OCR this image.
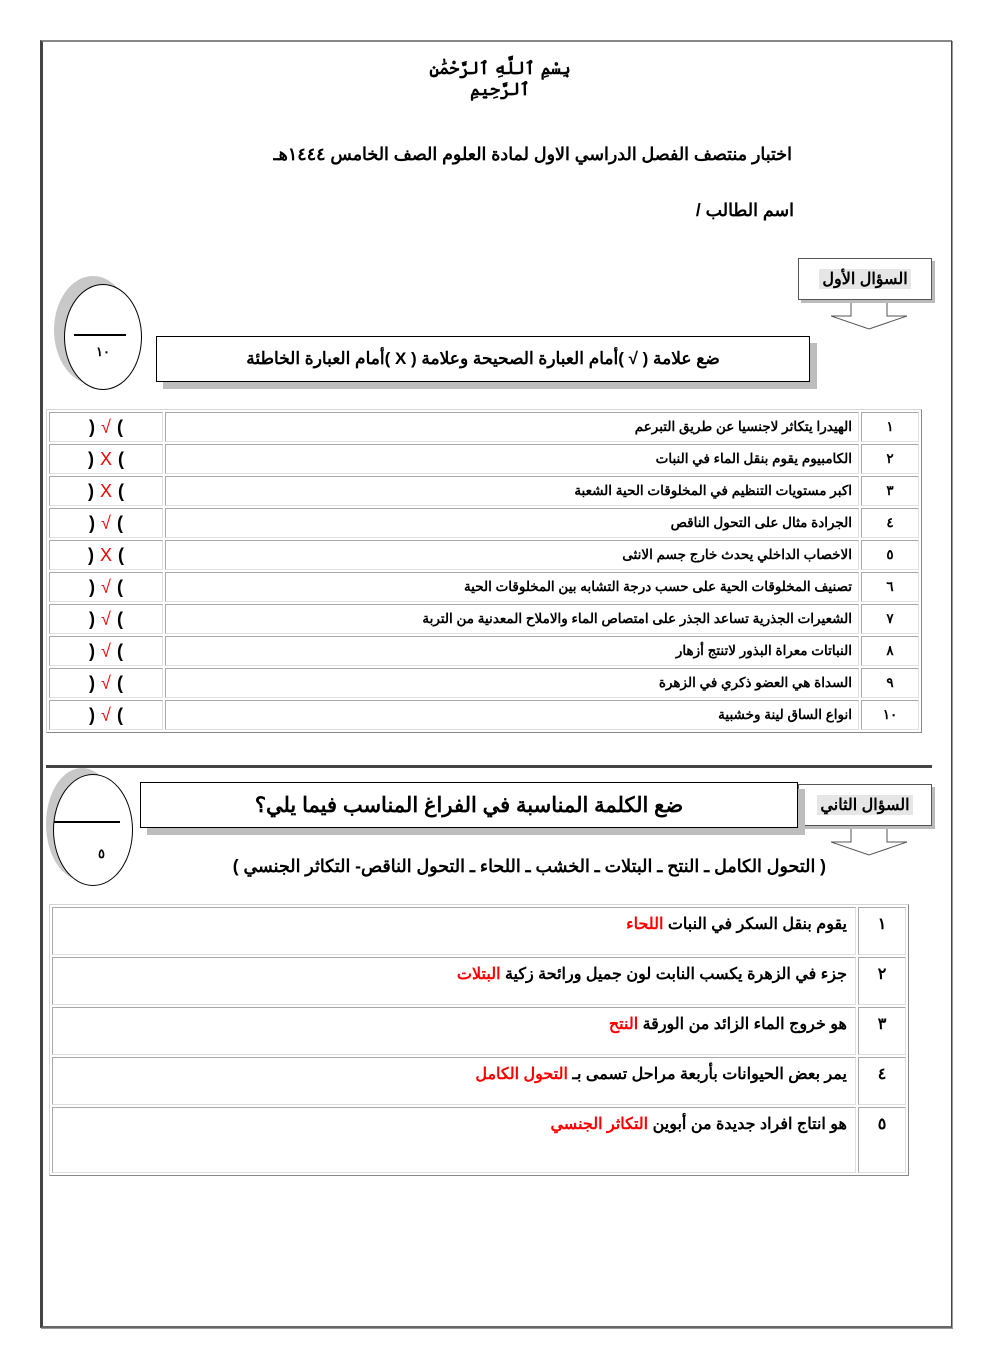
بِسْمِ ٱللَّهِ ٱلرَّحْمَٰنِ ٱلرَّحِيمِ
اختبار منتصف الفصل الدراسي الاول لمادة العلوم الصف الخامس ١٤٤٤هـ
اسم الطالب /
السؤال الأول
١٠	ضع علامة ( √ )أمام العبارة الصحيحة وعلامة ( X )أمام العبارة الخاطئة
١	الهيدرا يتكاثر لاجنسيا عن طريق التبرعم	)√(
٢	الكامبيوم يقوم بنقل الماء في النبات	)X(
٣	اكبر مستويات التنظيم في المخلوقات الحية الشعبة	)X(
٤	الجرادة مثال على التحول الناقص	)√(
٥	الاخصاب الداخلي يحدث خارج جسم الانثى	)X(
٦	تصنيف المخلوقات الحية على حسب درجة التشابه بين المخلوقات الحية	)√(
٧	الشعيرات الجذرية تساعد الجذر على امتصاص الماء والاملاح المعدنية من التربة	)√(
٨	النباتات معراة البذور لاتنتج أزهار	)√(
٩	السداة هي العضو ذكري في الزهرة	)√(
١٠	انواع الساق لينة وخشبية	)√(
السؤال الثاني
٥
ضع الكلمة المناسبة في الفراغ المناسب فيما يلي؟
( التحول الكامل ـ النتح ـ البتلات ـ الخشب ـ اللحاء ـ التحول الناقص- التكاثر الجنسي )
١	يقوم بنقل السكر في النبات اللحاء
٢	جزء في الزهرة يكسب النابت لون جميل ورائحة زكية البتلات
٣	هو خروج الماء الزائد من الورقة النتح
٤	يمر بعض الحيوانات بأربعة مراحل تسمى بـ التحول الكامل
٥	هو انتاج افراد جديدة من أبوين التكاثر الجنسي
